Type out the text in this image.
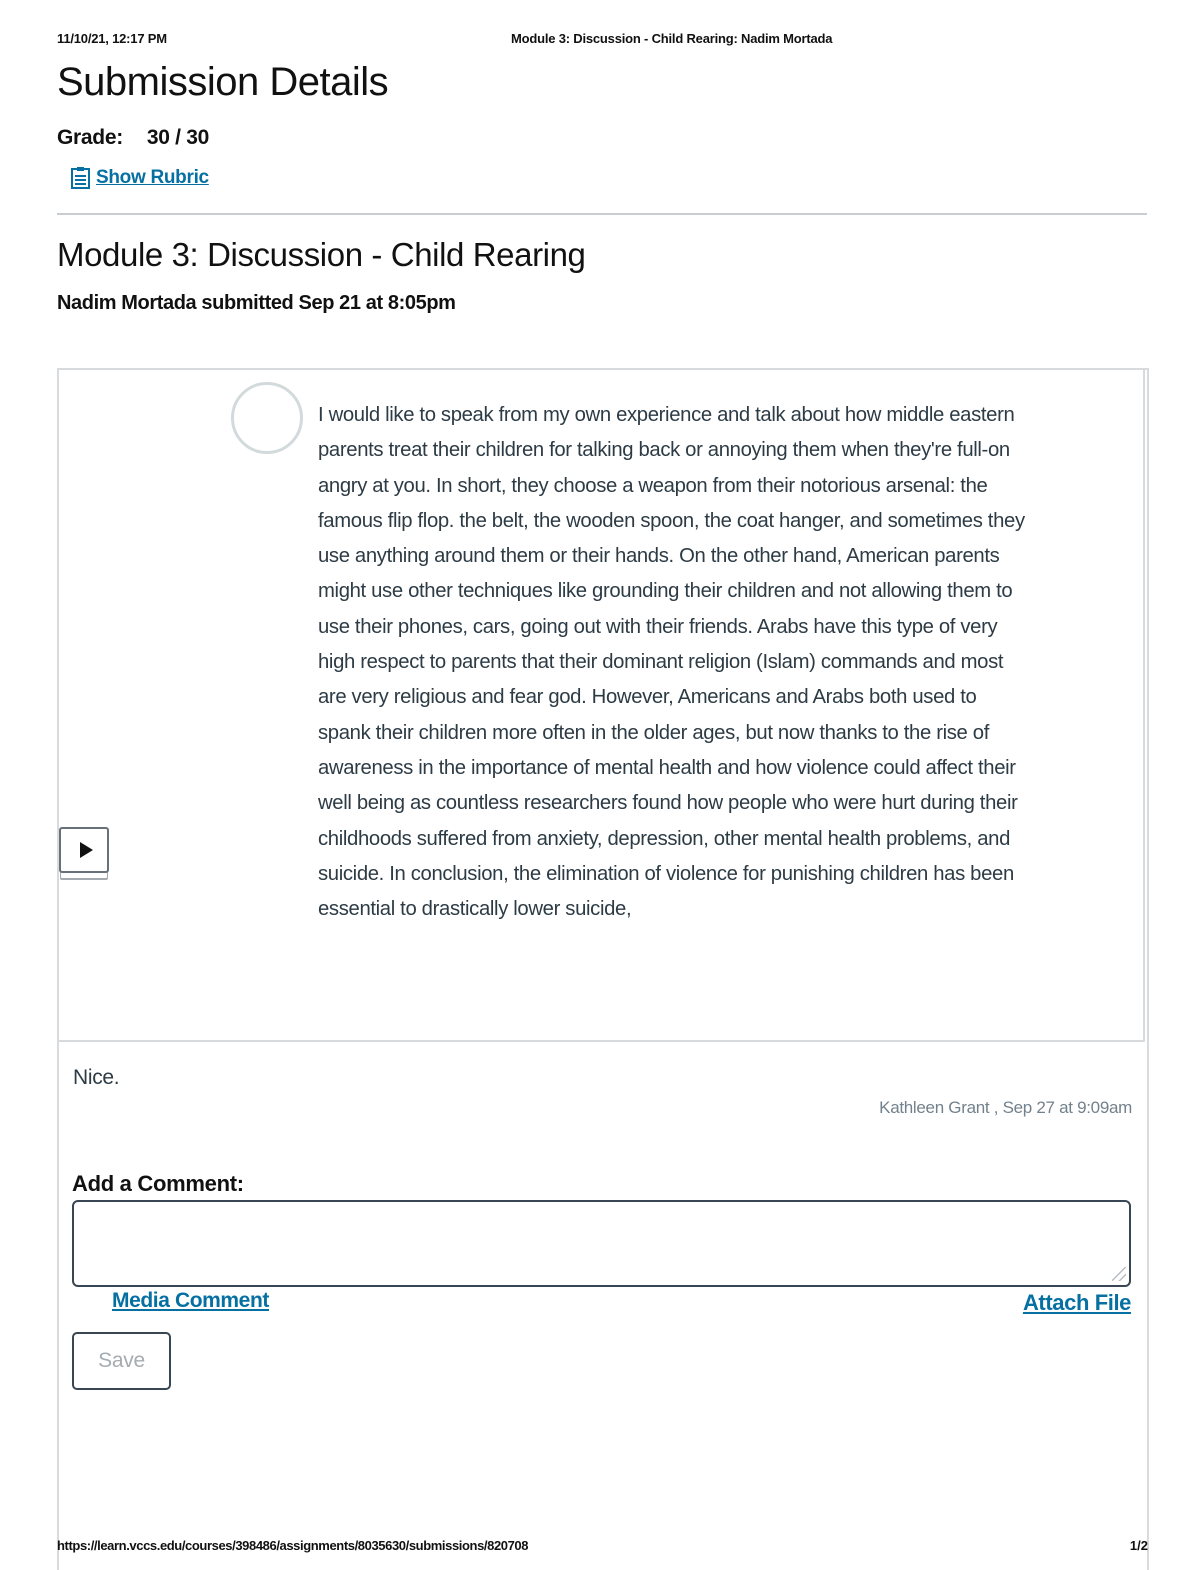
11/10/21, 12:17 PM	Module 3: Discussion - Child Rearing: Nadim Mortada
Submission Details
Grade: 30 / 30
Show Rubric
Module 3: Discussion - Child Rearing
Nadim Mortada submitted Sep 21 at 8:05pm

I would like to speak from my own experience and talk about how middle eastern parents treat their children for talking back or annoying them when they're full-on angry at you. In short, they choose a weapon from their notorious arsenal: the famous flip flop. the belt, the wooden spoon, the coat hanger, and sometimes they use anything around them or their hands. On the other hand, American parents might use other techniques like grounding their children and not allowing them to use their phones, cars, going out with their friends. Arabs have this type of very high respect to parents that their dominant religion (Islam) commands and most are very religious and fear god. However, Americans and Arabs both used to spank their children more often in the older ages, but now thanks to the rise of awareness in the importance of mental health and how violence could affect their well being as countless researchers found how people who were hurt during their childhoods suffered from anxiety, depression, other mental health problems, and suicide. In conclusion, the elimination of violence for punishing children has been essential to drastically lower suicide,

Nice.
Kathleen Grant , Sep 27 at 9:09am
Add a Comment:
Media Comment	Attach File
Save
https://learn.vccs.edu/courses/398486/assignments/8035630/submissions/820708	1/2
